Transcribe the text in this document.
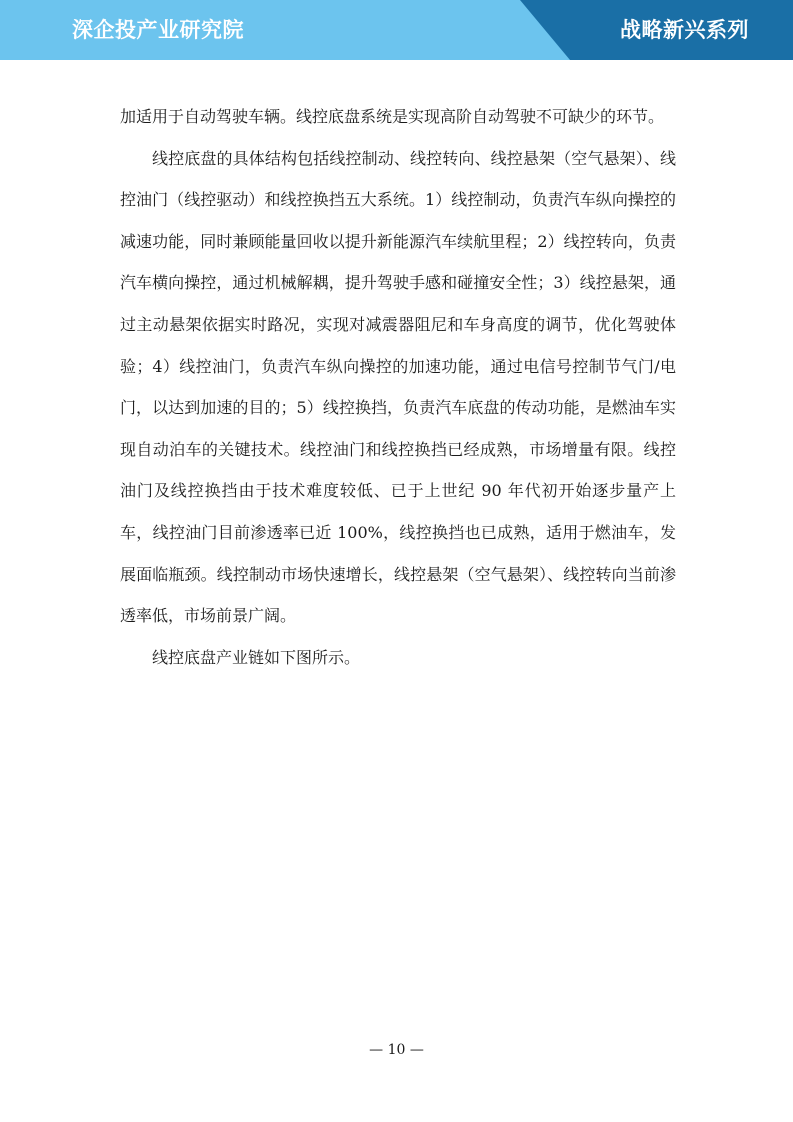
深企投产业研究院	战略新兴系列

加适用于自动驾驶车辆。线控底盘系统是实现高阶自动驾驶不可缺少的环节。

线控底盘的具体结构包括线控制动、线控转向、线控悬架（空气悬架）、线控油门（线控驱动）和线控换挡五大系统。1）线控制动，负责汽车纵向操控的减速功能，同时兼顾能量回收以提升新能源汽车续航里程；2）线控转向，负责汽车横向操控，通过机械解耦，提升驾驶手感和碰撞安全性；3）线控悬架，通过主动悬架依据实时路况，实现对减震器阻尼和车身高度的调节，优化驾驶体验；4）线控油门，负责汽车纵向操控的加速功能，通过电信号控制节气门/电门，以达到加速的目的；5）线控换挡，负责汽车底盘的传动功能，是燃油车实现自动泊车的关键技术。线控油门和线控换挡已经成熟，市场增量有限。线控油门及线控换挡由于技术难度较低、已于上世纪 90 年代初开始逐步量产上车，线控油门目前渗透率已近 100%，线控换挡也已成熟，适用于燃油车，发展面临瓶颈。线控制动市场快速增长，线控悬架（空气悬架）、线控转向当前渗透率低，市场前景广阔。

线控底盘产业链如下图所示。

— 10 —
